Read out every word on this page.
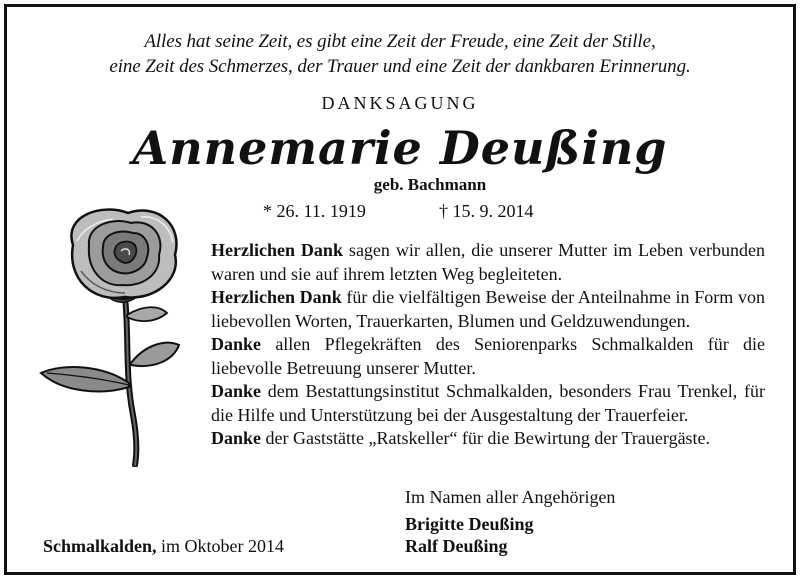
Alles hat seine Zeit, es gibt eine Zeit der Freude, eine Zeit der Stille,
eine Zeit des Schmerzes, der Trauer und eine Zeit der dankbaren Erinnerung.
DANKSAGUNG
Annemarie Deußing
geb. Bachmann
* 26. 11. 1919	† 15. 9. 2014

Herzlichen Dank sagen wir allen, die unserer Mutter im Leben verbunden waren und sie auf ihrem letzten Weg begleiteten.

Herzlichen Dank für die vielfältigen Beweise der Anteilnahme in Form von liebevollen Worten, Trauerkarten, Blumen und Geldzuwendungen.

Danke allen Pflegekräften des Seniorenparks Schmalkalden für die liebevolle Betreuung unserer Mutter.

Danke dem Bestattungsinstitut Schmalkalden, besonders Frau Trenkel, für die Hilfe und Unterstützung bei der Ausgestaltung der Trauerfeier.

Danke der Gaststätte „Ratskeller“ für die Bewirtung der Trauergäste.

Im Namen aller Angehörigen
Brigitte Deußing
Ralf Deußing
Schmalkalden, im Oktober 2014
